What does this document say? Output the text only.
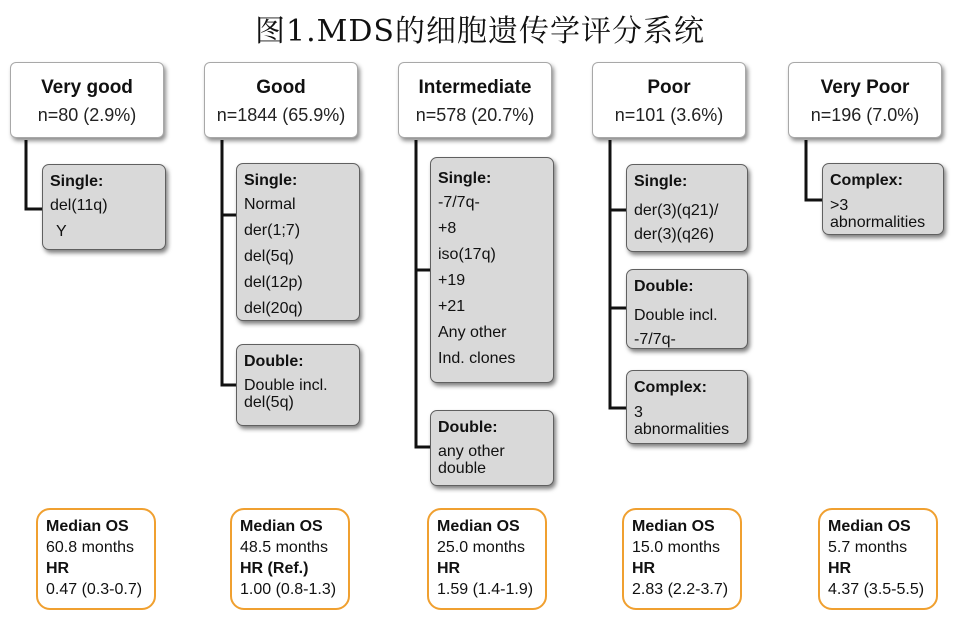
图1.MDS的细胞遗传学评分系统
Very good
n=80 (2.9%)
Good
n=1844 (65.9%)
Intermediate
n=578 (20.7%)
Poor
n=101 (3.6%)
Very Poor
n=196 (7.0%)
Single:
del(11q)
Y
Single:
Normal
der(1;7)
del(5q)
del(12p)
del(20q)
Double:
Double incl.
del(5q)
Single:
-7/7q-
+8
iso(17q)
+19
+21
Any other
Ind. clones
Double:
any other
double
Single:
der(3)(q21)/
der(3)(q26)
Double:
Double incl.
-7/7q-
Complex:
3
abnormalities
Complex:
>3
abnormalities
Median OS
60.8 months
HR
0.47 (0.3-0.7)
Median OS
48.5 months
HR (Ref.)
1.00 (0.8-1.3)
Median OS
25.0 months
HR
1.59 (1.4-1.9)
Median OS
15.0 months
HR
2.83 (2.2-3.7)
Median OS
5.7 months
HR
4.37 (3.5-5.5)
